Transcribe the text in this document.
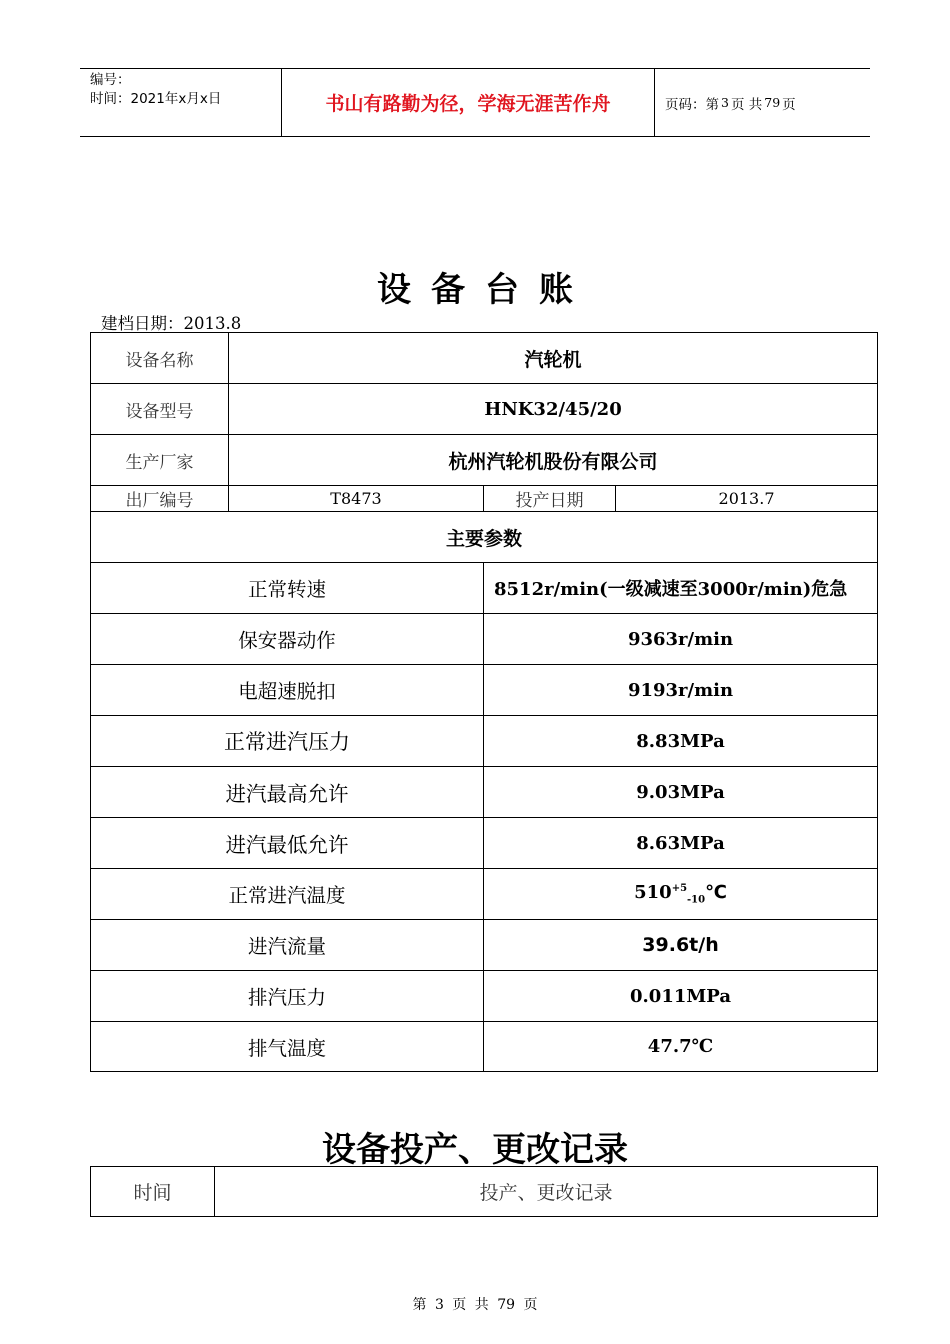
编号：
时间：2021年x月x日	书山有路勤为径，学海无涯苦作舟	页码：第 3 页 共 79 页
设备台账
建档日期：2013.8
设备名称	汽轮机		
设备型号	HNK32/45/20		
生产厂家	杭州汽轮机股份有限公司		
出厂编号	T8473	投产日期	2013.7
主要参数			
正常转速		8512r/min(一级减速至3000r/min)危急	
保安器动作		9363r/min	
电超速脱扣		9193r/min	
正常进汽压力		8.83MPa	
进汽最高允许		9.03MPa	
进汽最低允许		8.63MPa	
正常进汽温度		$510^{+5}_{-10}℃$	
进汽流量		39.6t/h	
排汽压力		0.011MPa	
排气温度		47.7℃	
设备投产、更改记录
时间	投产、更改记录
第 3 页 共 79 页
